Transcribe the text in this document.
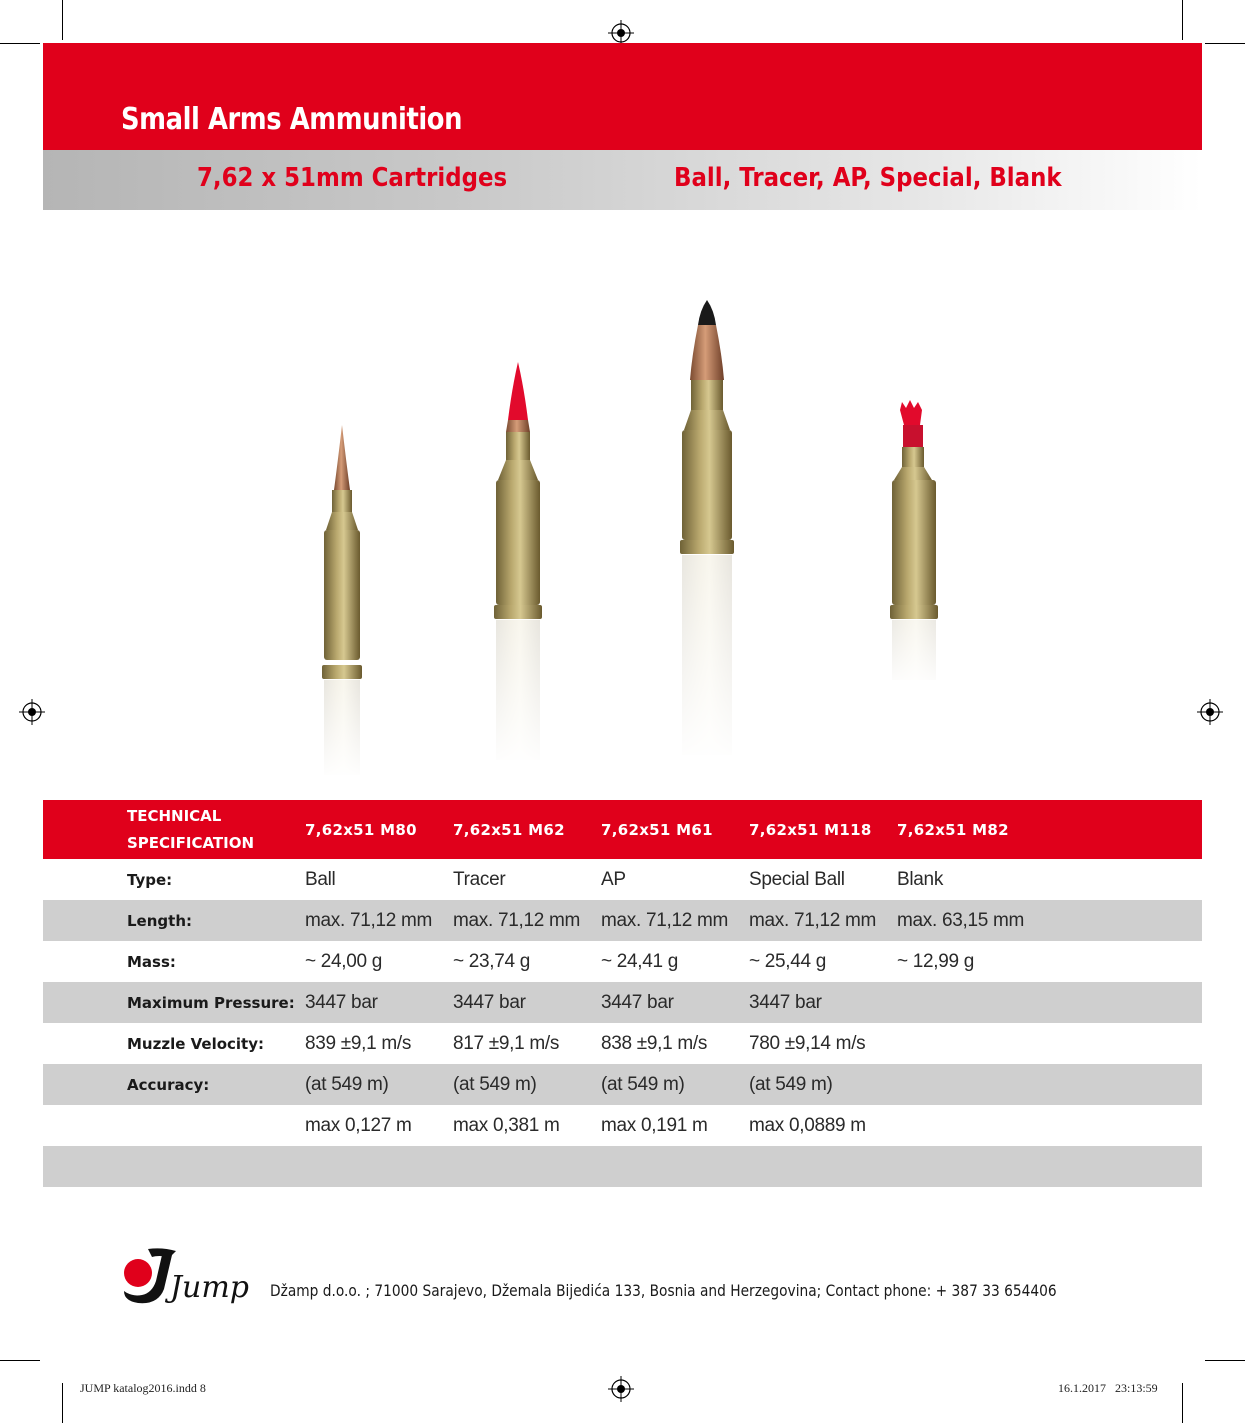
Small Arms Ammunition
7,62 x 51mm Cartridges	Ball, Tracer, AP, Special, Blank

	TECHNICAL
SPECIFICATION	7,62x51 M80	7,62x51 M62	7,62x51 M61	7,62x51 M118	7,62x51 M82
	Type:	Ball	Tracer	AP	Special Ball	Blank
	Length:	max. 71,12 mm	max. 71,12 mm	max. 71,12 mm	max. 71,12 mm	max. 63,15 mm
	Mass:	~ 24,00 g	~ 23,74 g	~ 24,41 g	~ 25,44 g	~ 12,99 g
	Maximum Pressure:	3447 bar	3447 bar	3447 bar	3447 bar	
	Muzzle Velocity:	839 ±9,1 m/s	817 ±9,1 m/s	838 ±9,1 m/s	780 ±9,14 m/s	
	Accuracy:	(at 549 m)	(at 549 m)	(at 549 m)	(at 549 m)	
		max 0,127 m	max 0,381 m	max 0,191 m	max 0,0889 m	

Jump Džamp d.o.o. ; 71000 Sarajevo, Džemala Bijedića 133, Bosnia and Herzegovina; Contact phone: + 387 33 654406
JUMP katalog2016.indd 8	16.1.2017   23:13:59
